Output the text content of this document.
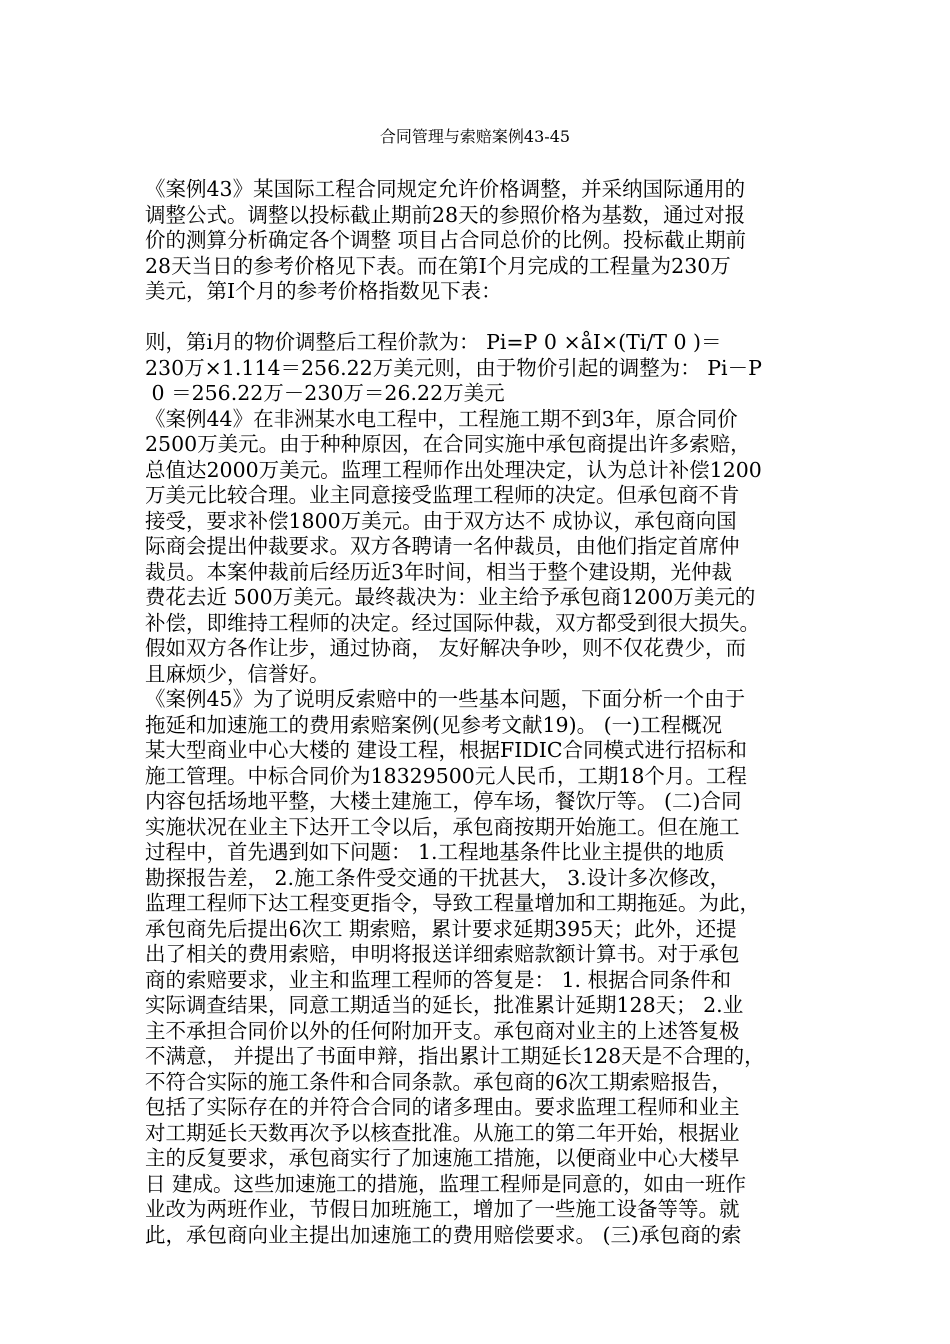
合同管理与索赔案例43-45
《案例43》某国际工程合同规定允许价格调整，并采纳国际通用的
调整公式。调整以投标截止期前28天的参照价格为基数，通过对报
价的测算分析确定各个调整 项目占合同总价的比例。投标截止期前
28天当日的参考价格见下表。而在第I个月完成的工程量为230万
美元，第I个月的参考价格指数见下表：
则，第i月的物价调整后工程价款为： Pi=P 0 ×åI×(Ti/T 0 )＝
230万×1.114＝256.22万美元则，由于物价引起的调整为： Pi－P
0 ＝256.22万－230万＝26.22万美元
《案例44》在非洲某水电工程中，工程施工期不到3年，原合同价
2500万美元。由于种种原因，在合同实施中承包商提出许多索赔，
总值达2000万美元。监理工程师作出处理决定，认为总计补偿1200
万美元比较合理。业主同意接受监理工程师的决定。但承包商不肯
接受，要求补偿1800万美元。由于双方达不 成协议，承包商向国
际商会提出仲裁要求。双方各聘请一名仲裁员，由他们指定首席仲
裁员。本案仲裁前后经历近3年时间，相当于整个建设期，光仲裁
费花去近 500万美元。最终裁决为：业主给予承包商1200万美元的
补偿，即维持工程师的决定。经过国际仲裁，双方都受到很大损失。
假如双方各作让步，通过协商， 友好解决争吵，则不仅花费少，而
且麻烦少，信誉好。
《案例45》为了说明反索赔中的一些基本问题，下面分析一个由于
拖延和加速施工的费用索赔案例(见参考文献19)。 (一)工程概况
某大型商业中心大楼的 建设工程，根据FIDIC合同模式进行招标和
施工管理。中标合同价为18329500元人民币，工期18个月。工程
内容包括场地平整，大楼土建施工，停车场，餐饮厅等。 (二)合同
实施状况在业主下达开工令以后，承包商按期开始施工。但在施工
过程中，首先遇到如下问题： 1.工程地基条件比业主提供的地质
勘探报告差， 2.施工条件受交通的干扰甚大， 3.设计多次修改，
监理工程师下达工程变更指令，导致工程量增加和工期拖延。为此，
承包商先后提出6次工 期索赔，累计要求延期395天；此外，还提
出了相关的费用索赔，申明将报送详细索赔款额计算书。对于承包
商的索赔要求，业主和监理工程师的答复是： 1. 根据合同条件和
实际调查结果，同意工期适当的延长，批准累计延期128天； 2.业
主不承担合同价以外的任何附加开支。承包商对业主的上述答复极
不满意， 并提出了书面申辩，指出累计工期延长128天是不合理的，
不符合实际的施工条件和合同条款。承包商的6次工期索赔报告，
包括了实际存在的并符合合同的诸多理由。要求监理工程师和业主
对工期延长天数再次予以核查批准。从施工的第二年开始，根据业
主的反复要求，承包商实行了加速施工措施，以便商业中心大楼早
日 建成。这些加速施工的措施，监理工程师是同意的，如由一班作
业改为两班作业，节假日加班施工，增加了一些施工设备等等。就
此，承包商向业主提出加速施工的费用赔偿要求。 (三)承包商的索
